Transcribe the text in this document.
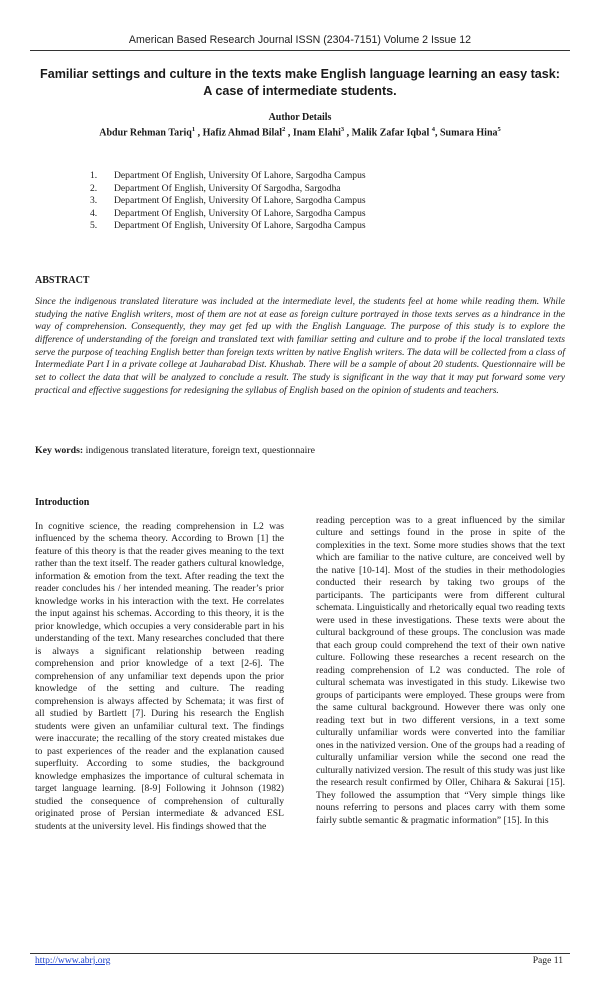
American Based Research Journal ISSN (2304-7151) Volume 2 Issue 12
Familiar settings and culture in the texts make English language learning an easy task: A case of intermediate students.
Author Details
Abdur Rehman Tariq$^1$ , Hafiz Ahmad Bilal$^2$ , Inam Elahi$^3$ , Malik Zafar Iqbal $^4$, Sumara Hina$^5$
1.	Department Of English, University Of Lahore, Sargodha Campus
2.	Department Of English, University Of Sargodha, Sargodha
3.	Department Of English, University Of Lahore, Sargodha Campus
4.	Department Of English, University Of Lahore, Sargodha Campus
5.	Department Of English, University Of Lahore, Sargodha Campus
ABSTRACT

Since the indigenous translated literature was included at the intermediate level, the students feel at home while reading them. While studying the native English writers, most of them are not at ease as foreign culture portrayed in those texts serves as a hindrance in the way of comprehension. Consequently, they may get fed up with the English Language. The purpose of this study is to explore the difference of understanding of the foreign and translated text with familiar setting and culture and to probe if the local translated texts serve the purpose of teaching English better than foreign texts written by native English writers. The data will be collected from a class of Intermediate Part I in a private college at Jauharabad Dist. Khushab. There will be a sample of about 20 students. Questionnaire will be set to collect the data that will be analyzed to conclude a result. The study is significant in the way that it may put forward some very practical and effective suggestions for redesigning the syllabus of English based on the opinion of students and teachers.

Key words: indigenous translated literature, foreign text, questionnaire
Introduction

In cognitive science, the reading comprehension in L2 was influenced by the schema theory. According to Brown [1] the feature of this theory is that the reader gives meaning to the text rather than the text itself. The reader gathers cultural knowledge, information & emotion from the text. After reading the text the reader concludes his / her intended meaning. The reader’s prior knowledge works in his interaction with the text. He correlates the input against his schemas. According to this theory, it is the prior knowledge, which occupies a very considerable part in his understanding of the text. Many researches concluded that there is always a significant relationship between reading comprehension and prior knowledge of a text [2-6]. The comprehension of any unfamiliar text depends upon the prior knowledge of the setting and culture. The reading comprehension is always affected by Schemata; it was first of all studied by Bartlett [7]. During his research the English students were given an unfamiliar cultural text. The findings were inaccurate; the recalling of the story created mistakes due to past experiences of the reader and the explanation caused superfluity. According to some studies, the background knowledge emphasizes the importance of cultural schemata in target language learning. [8-9] Following it Johnson (1982) studied the consequence of comprehension of culturally originated prose of Persian intermediate & advanced ESL students at the university level. His findings showed that the

reading perception was to a great influenced by the similar culture and settings found in the prose in spite of the complexities in the text. Some more studies shows that the text which are familiar to the native culture, are conceived well by the native [10-14]. Most of the studies in their methodologies conducted their research by taking two groups of the participants. The participants were from different cultural schemata. Linguistically and rhetorically equal two reading texts were used in these investigations. These texts were about the cultural background of these groups. The conclusion was made that each group could comprehend the text of their own native culture. Following these researches a recent research on the reading comprehension of L2 was conducted. The role of cultural schemata was investigated in this study. Likewise two groups of participants were employed. These groups were from the same cultural background. However there was only one reading text but in two different versions, in a text some culturally unfamiliar words were converted into the familiar ones in the nativized version. One of the groups had a reading of culturally unfamiliar version while the second one read the culturally nativized version. The result of this study was just like the research result confirmed by Oller, Chihara & Sakurai [15]. They followed the assumption that “Very simple things like nouns referring to persons and places carry with them some fairly subtle semantic & pragmatic information” [15]. In this

http://www.abrj.org	Page 11
